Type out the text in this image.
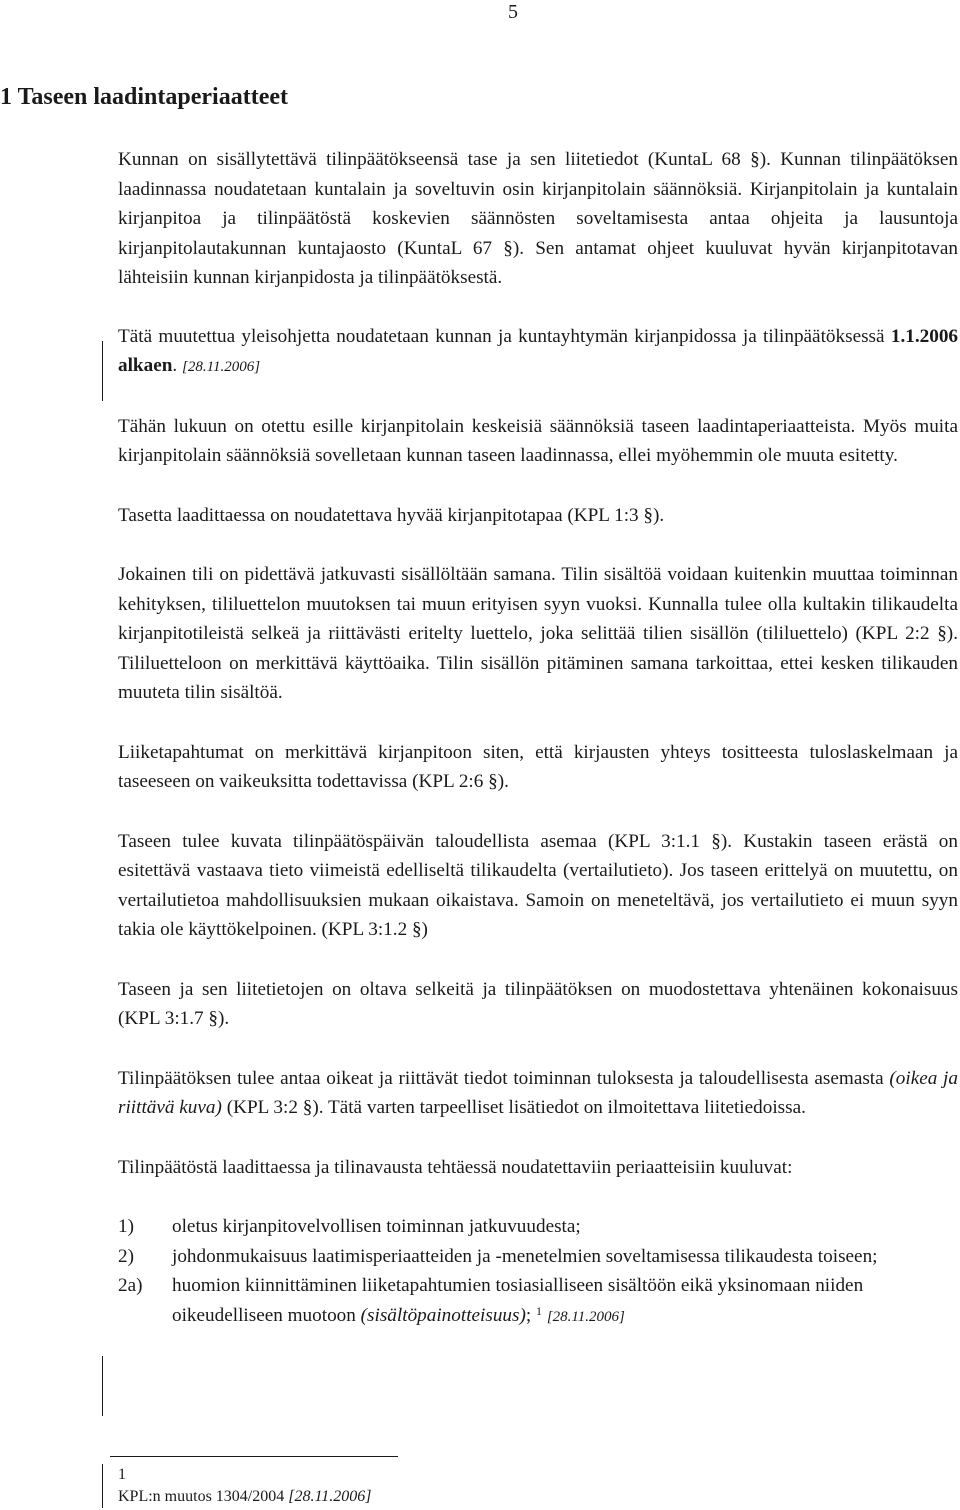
5
1 Taseen laadintaperiaatteet

Kunnan on sisällytettävä tilinpäätökseensä tase ja sen liitetiedot (KuntaL 68 §). Kunnan tilinpäätöksen laadinnassa noudatetaan kuntalain ja soveltuvin osin kirjanpitolain säännöksiä. Kirjanpitolain ja kuntalain kirjanpitoa ja tilinpäätöstä koskevien säännösten soveltamisesta antaa ohjeita ja lausuntoja kirjanpitolautakunnan kuntajaosto (KuntaL 67 §). Sen antamat ohjeet kuuluvat hyvän kirjanpitotavan lähteisiin kunnan kirjanpidosta ja tilinpäätöksestä.

Tätä muutettua yleisohjetta noudatetaan kunnan ja kuntayhtymän kirjanpidossa ja tilinpäätöksessä 1.1.2006 alkaen. [28.11.2006]

Tähän lukuun on otettu esille kirjanpitolain keskeisiä säännöksiä taseen laadintaperiaatteista. Myös muita kirjanpitolain säännöksiä sovelletaan kunnan taseen laadinnassa, ellei myöhemmin ole muuta esitetty.

Tasetta laadittaessa on noudatettava hyvää kirjanpitotapaa (KPL 1:3 §).

Jokainen tili on pidettävä jatkuvasti sisällöltään samana. Tilin sisältöä voidaan kuitenkin muuttaa toiminnan kehityksen, tililuettelon muutoksen tai muun erityisen syyn vuoksi. Kunnalla tulee olla kultakin tilikaudelta kirjanpitotileistä selkeä ja riittävästi eritelty luettelo, joka selittää tilien sisällön (tililuettelo) (KPL 2:2 §). Tililuetteloon on merkittävä käyttöaika. Tilin sisällön pitäminen samana tarkoittaa, ettei kesken tilikauden muuteta tilin sisältöä.

Liiketapahtumat on merkittävä kirjanpitoon siten, että kirjausten yhteys tositteesta tuloslaskelmaan ja taseeseen on vaikeuksitta todettavissa (KPL 2:6 §).

Taseen tulee kuvata tilinpäätöspäivän taloudellista asemaa (KPL 3:1.1 §). Kustakin taseen erästä on esitettävä vastaava tieto viimeistä edelliseltä tilikaudelta (vertailutieto). Jos taseen erittelyä on muutettu, on vertailutietoa mahdollisuuksien mukaan oikaistava. Samoin on meneteltävä, jos vertailutieto ei muun syyn takia ole käyttökelpoinen. (KPL 3:1.2 §)

Taseen ja sen liitetietojen on oltava selkeitä ja tilinpäätöksen on muodostettava yhtenäinen kokonaisuus (KPL 3:1.7 §).

Tilinpäätöksen tulee antaa oikeat ja riittävät tiedot toiminnan tuloksesta ja taloudellisesta asemasta (oikea ja riittävä kuva) (KPL 3:2 §). Tätä varten tarpeelliset lisätiedot on ilmoitettava liitetiedoissa.

Tilinpäätöstä laadittaessa ja tilinavausta tehtäessä noudatettaviin periaatteisiin kuuluvat:

1) oletus kirjanpitovelvollisen toiminnan jatkuvuudesta;
2) johdonmukaisuus laatimisperiaatteiden ja -menetelmien soveltamisessa tilikaudesta toiseen;
2a) huomion kiinnittäminen liiketapahtumien tosiasialliseen sisältöön eikä yksinomaan niiden oikeudelliseen muotoon (sisältöpainotteisuus); $^1$ [28.11.2006]
1
KPL:n muutos 1304/2004 [28.11.2006]
